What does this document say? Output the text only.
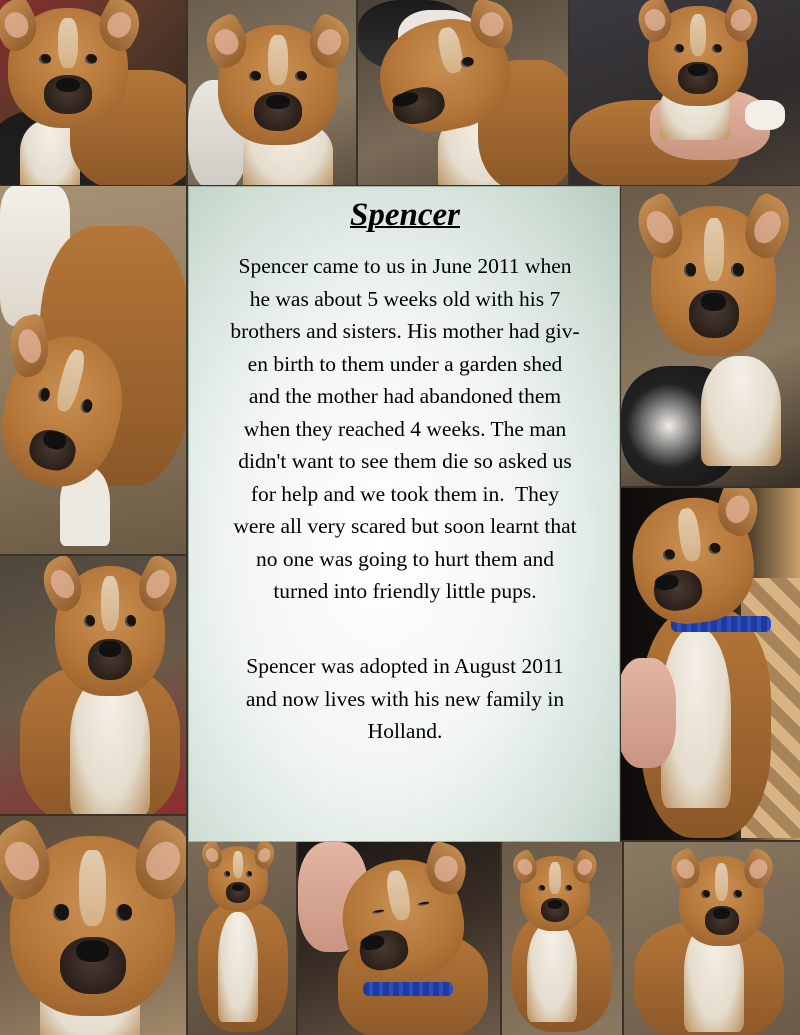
Spencer
Spencer came to us in June 2011 when
he was about 5 weeks old with his 7
brothers and sisters. His mother had giv-
en birth to them under a garden shed
and the mother had abandoned them
when they reached 4 weeks. The man
didn't want to see them die so asked us
for help and we took them in.  They
were all very scared but soon learnt that
no one was going to hurt them and
turned into friendly little pups.
Spencer was adopted in August 2011
and now lives with his new family in
Holland.
